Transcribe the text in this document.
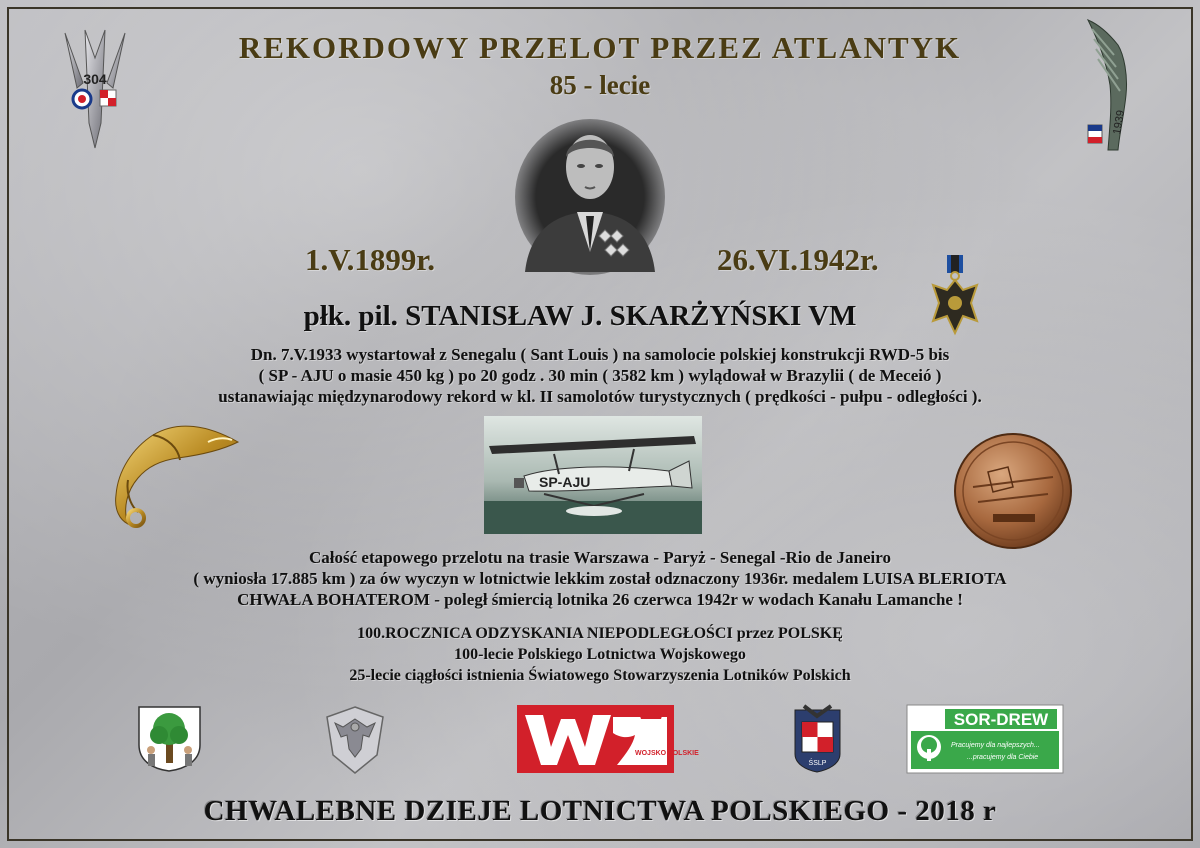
304
1939
REKORDOWY PRZELOT PRZEZ ATLANTYK
85 - lecie
1.V.1899r.	26.VI.1942r.
płk. pil. STANISŁAW J. SKARŻYŃSKI VM
Dn. 7.V.1933 wystartował z Senegalu ( Sant Louis ) na samolocie polskiej konstrukcji RWD-5 bis
( SP - AJU o masie 450 kg ) po 20 godz . 30 min ( 3582 km ) wylądował w Brazylii ( de Meceió )
ustanawiając międzynarodowy rekord w kl. II samolotów turystycznych ( prędkości - pułpu - odległości ).
SP-AJU
Całość etapowego przelotu na trasie Warszawa - Paryż - Senegal -Rio de Janeiro
( wyniosła 17.885 km ) za ów wyczyn w lotnictwie lekkim został odznaczony 1936r. medalem LUISA BLERIOTA
CHWAŁA BOHATEROM - poległ śmiercią lotnika 26 czerwca 1942r w wodach Kanału Lamanche !
100.ROCZNICA ODZYSKANIA NIEPODLEGŁOŚCI przez POLSKĘ
100-lecie Polskiego Lotnictwa Wojskowego
25-lecie ciągłości istnienia Światowego Stowarzyszenia Lotników Polskich
WOJSKO POLSKIE
ŚSLP
SOR-DREW
Pracujemy dla najlepszych...
...pracujemy dla Ciebie
CHWALEBNE DZIEJE LOTNICTWA POLSKIEGO - 2018 r
